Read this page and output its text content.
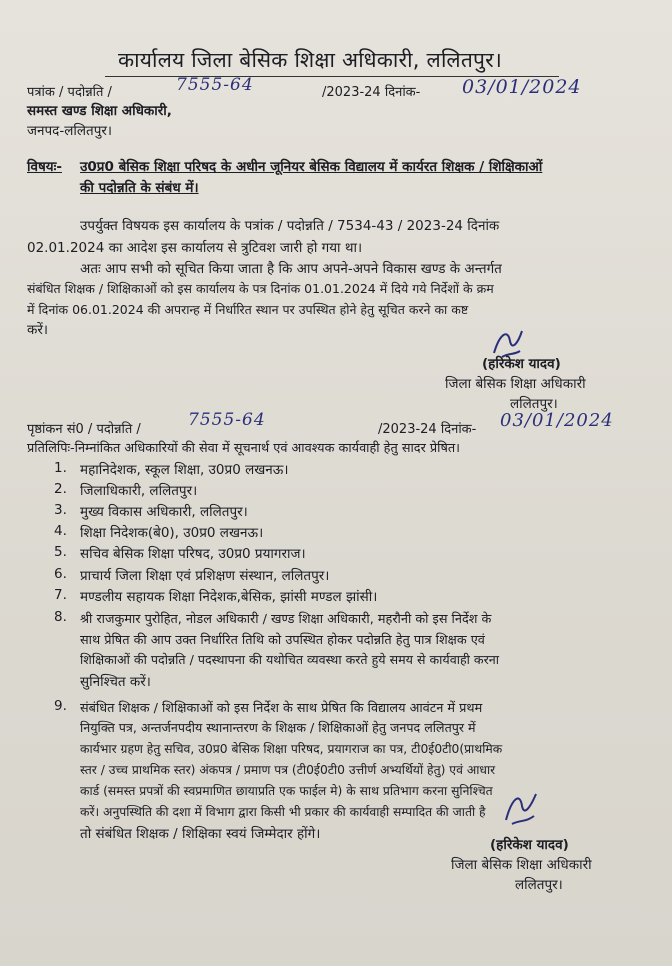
कार्यालय जिला बेसिक शिक्षा अधिकारी, ललितपुर।
पत्रांक / पदोन्नति /	7555-64	/2023-24 दिनांक- 03/01/2024
समस्त खण्ड शिक्षा अधिकारी,
जनपद-ललितपुर।
विषयः- उ0प्र0 बेसिक शिक्षा परिषद के अधीन जूनियर बेसिक विद्यालय में कार्यरत शिक्षक / शिक्षिकाओं
की पदोन्नति के संबंध में।
उपर्युक्त विषयक इस कार्यालय के पत्रांक / पदोन्नति / 7534-43 / 2023-24 दिनांक
02.01.2024 का आदेश इस कार्यालय से त्रुटिवश जारी हो गया था।
अतः आप सभी को सूचित किया जाता है कि आप अपने-अपने विकास खण्ड के अन्तर्गत
संबंधित शिक्षक / शिक्षिकाओं को इस कार्यालय के पत्र दिनांक 01.01.2024 में दिये गये निर्देशों के क्रम
में दिनांक 06.01.2024 की अपरान्ह में निर्धारित स्थान पर उपस्थित होने हेतु सूचित करने का कष्ट
करें।
(हरिकेश यादव)
जिला बेसिक शिक्षा अधिकारी
ललितपुर।
पृष्ठांकन सं0 / पदोन्नति /	7555-64	/2023-24 दिनांक- 03/01/2024
प्रतिलिपिः-निम्नांकित अधिकारियों की सेवा में सूचनार्थ एवं आवश्यक कार्यवाही हेतु सादर प्रेषित।
1. महानिदेशक, स्कूल शिक्षा, उ0प्र0 लखनऊ।
2. जिलाधिकारी, ललितपुर।
3. मुख्य विकास अधिकारी, ललितपुर।
4. शिक्षा निदेशक(बे0), उ0प्र0 लखनऊ।
5. सचिव बेसिक शिक्षा परिषद, उ0प्र0 प्रयागराज।
6. प्राचार्य जिला शिक्षा एवं प्रशिक्षण संस्थान, ललितपुर।
7. मण्डलीय सहायक शिक्षा निदेशक,बेसिक, झांसी मण्डल झांसी।
8. श्री राजकुमार पुरोहित, नोडल अधिकारी / खण्ड शिक्षा अधिकारी, महरौनी को इस निर्देश के
साथ प्रेषित की आप उक्त निर्धारित तिथि को उपस्थित होकर पदोन्नति हेतु पात्र शिक्षक एवं
शिक्षिकाओं की पदोन्नति / पदस्थापना की यथोचित व्यवस्था करते हुये समय से कार्यवाही करना
सुनिश्चित करें।
9. संबंधित शिक्षक / शिक्षिकाओं को इस निर्देश के साथ प्रेषित कि विद्यालय आवंटन में प्रथम
नियुक्ति पत्र, अन्तर्जनपदीय स्थानान्तरण के शिक्षक / शिक्षिकाओं हेतु जनपद ललितपुर में
कार्यभार ग्रहण हेतु सचिव, उ0प्र0 बेसिक शिक्षा परिषद, प्रयागराज का पत्र, टी0ई0टी0(प्राथमिक
स्तर / उच्च प्राथमिक स्तर) अंकपत्र / प्रमाण पत्र (टी0ई0टी0 उत्तीर्ण अभ्यर्थियों हेतु) एवं आधार
कार्ड (समस्त प्रपत्रों की स्वप्रमाणित छायाप्रति एक फाईल मे) के साथ प्रतिभाग करना सुनिश्चित
करें। अनुपस्थिति की दशा में विभाग द्वारा किसी भी प्रकार की कार्यवाही सम्पादित की जाती है
तो संबंधित शिक्षक / शिक्षिका स्वयं जिम्मेदार होंगे।
(हरिकेश यादव)
जिला बेसिक शिक्षा अधिकारी
ललितपुर।
